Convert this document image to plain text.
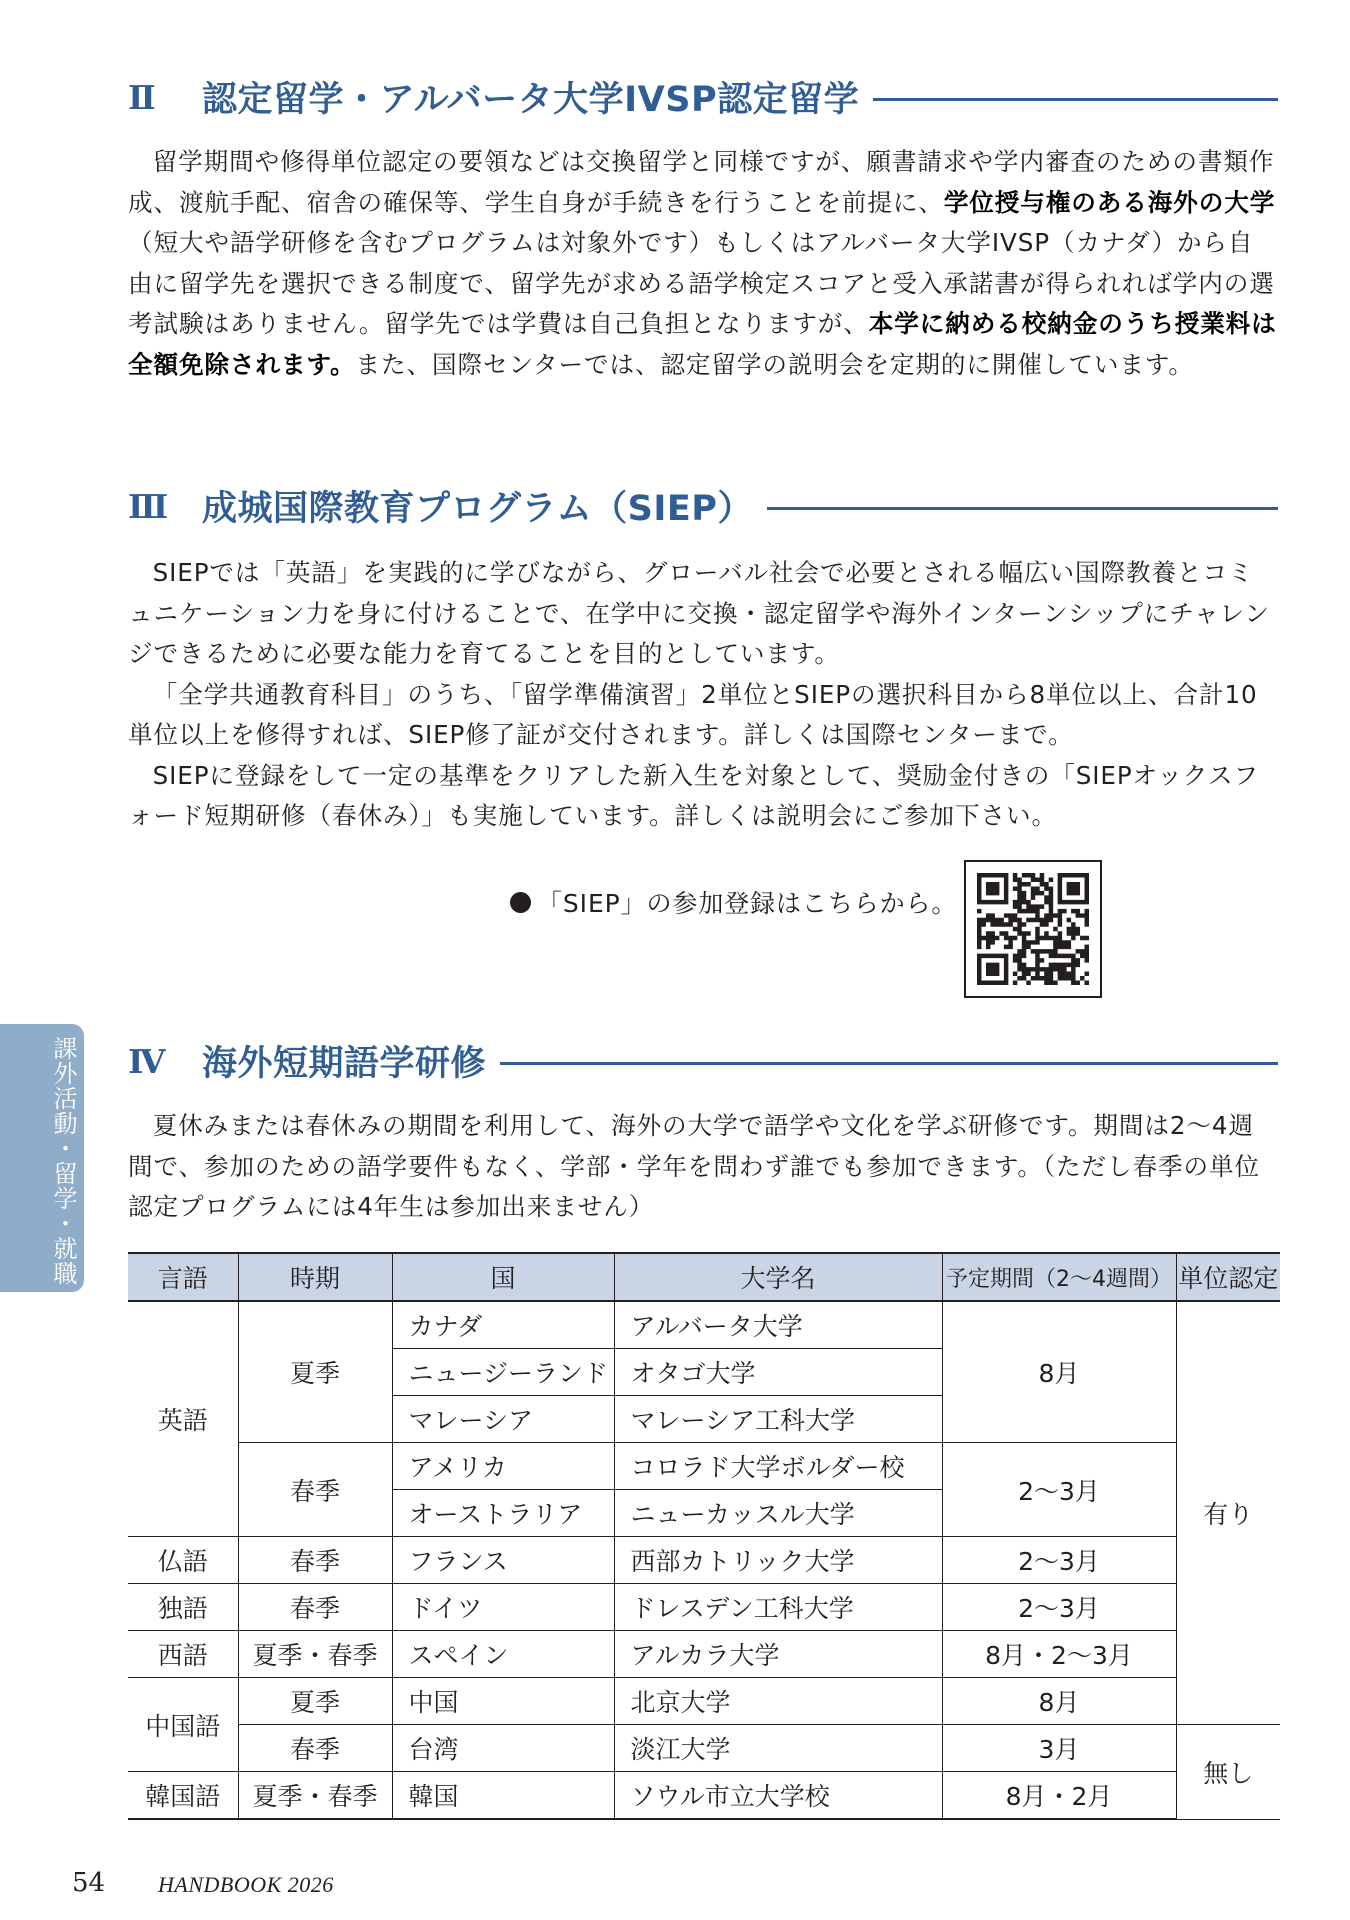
Ⅱ	認定留学・アルバータ大学IVSP認定留学

留学期間や修得単位認定の要領などは交換留学と同様ですが、願書請求や学内審査のための書類作成、渡航手配、宿舎の確保等、学生自身が手続きを行うことを前提に、学位授与権のある海外の大学（短大や語学研修を含むプログラムは対象外です）もしくはアルバータ大学IVSP（カナダ）から自由に留学先を選択できる制度で、留学先が求める語学検定スコアと受入承諾書が得られれば学内の選考試験はありません。留学先では学費は自己負担となりますが、本学に納める校納金のうち授業料は全額免除されます。また、国際センターでは、認定留学の説明会を定期的に開催しています。

Ⅲ 成城国際教育プログラム（SIEP）

SIEPでは「英語」を実践的に学びながら、グローバル社会で必要とされる幅広い国際教養とコミュニケーション力を身に付けることで、在学中に交換・認定留学や海外インターンシップにチャレンジできるために必要な能力を育てることを目的としています。

「全学共通教育科目」のうち、「留学準備演習」2単位とSIEPの選択科目から8単位以上、合計10単位以上を修得すれば、SIEP修了証が交付されます。詳しくは国際センターまで。

SIEPに登録をして一定の基準をクリアした新入生を対象として、奨励金付きの「SIEPオックスフォード短期研修（春休み）」も実施しています。詳しくは説明会にご参加下さい。

「SIEP」の参加登録はこちらから。
Ⅳ	海外短期語学研修

夏休みまたは春休みの期間を利用して、海外の大学で語学や文化を学ぶ研修です。期間は2～4週間で、参加のための語学要件もなく、学部・学年を問わず誰でも参加できます。（ただし春季の単位認定プログラムには4年生は参加出来ません）

課外活動・留学・就職	言語	時期	国	大学名	予定期間（2～4週間）	単位認定
英語	夏季	カナダ	アルバータ大学	8月	有り
		ニュージーランド	オタゴ大学		
		マレーシア	マレーシア工科大学		
	春季	アメリカ	コロラド大学ボルダー校	2～3月	
		オーストラリア	ニューカッスル大学		
仏語	春季	フランス	西部カトリック大学	2～3月	
独語	春季	ドイツ	ドレスデン工科大学	2～3月	
西語	夏季・春季	スペイン	アルカラ大学	8月・2～3月	
中国語	夏季	中国	北京大学	8月	
	春季	台湾	淡江大学	3月	無し
韓国語	夏季・春季	韓国	ソウル市立大学校	8月・2月	
54 HANDBOOK 2026
